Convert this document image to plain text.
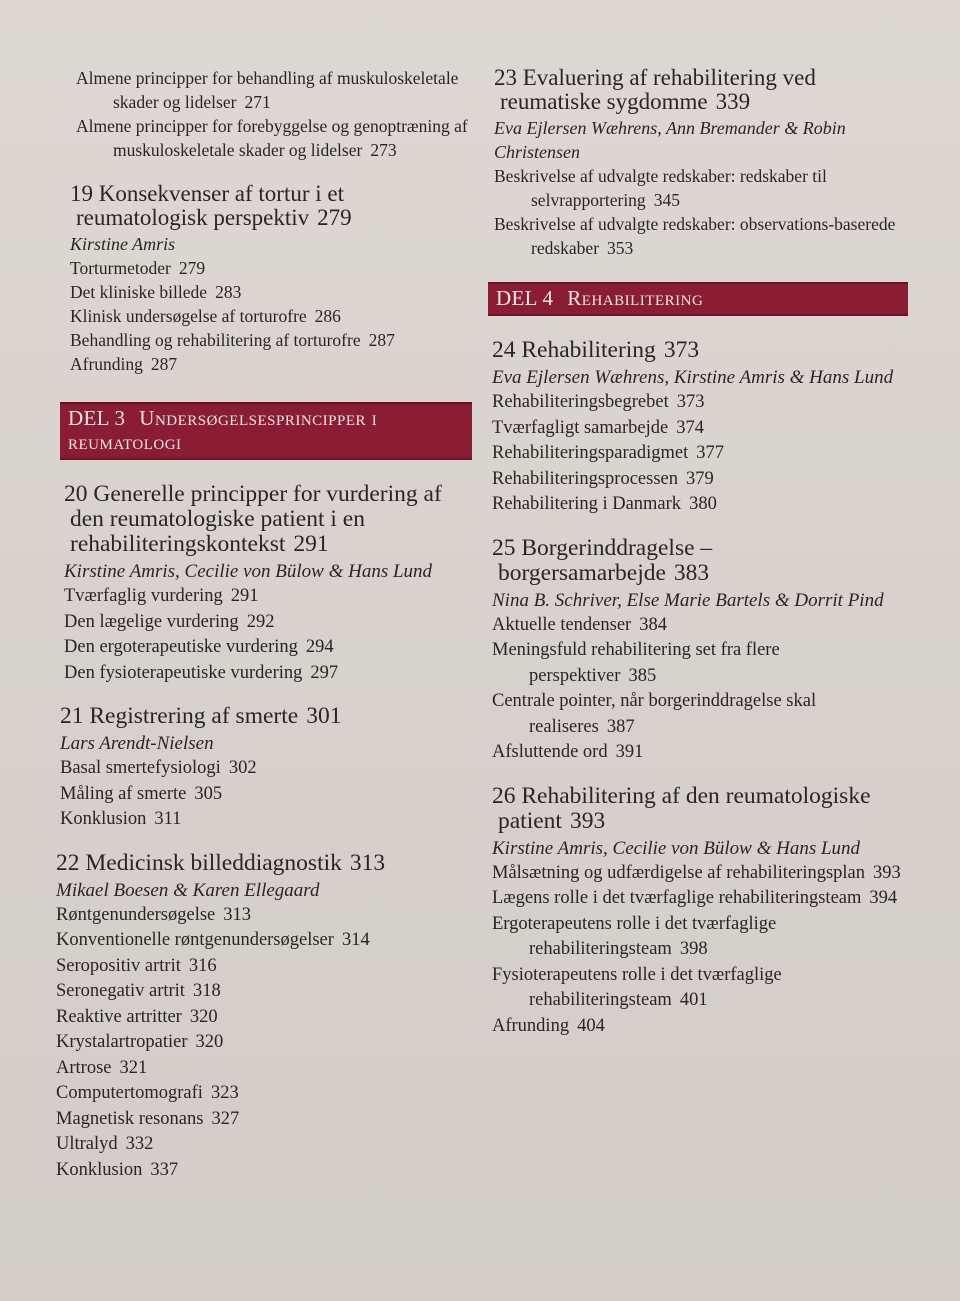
Almene principper for behandling af muskuloskeletale skader og lidelser 271
Almene principper for forebyggelse og genoptræning af muskuloskeletale skader og lidelser 273
19 Konsekvenser af tortur i et reumatologisk perspektiv 279
Kirstine Amris
Torturmetoder 279
Det kliniske billede 283
Klinisk undersøgelse af torturofre 286
Behandling og rehabilitering af torturofre 287
Afrunding 287
DEL 3 Undersøgelsesprincipper i reumatologi
20 Generelle principper for vurdering af den reumatologiske patient i en rehabiliteringskontekst 291
Kirstine Amris, Cecilie von Bülow & Hans Lund
Tværfaglig vurdering 291
Den lægelige vurdering 292
Den ergoterapeutiske vurdering 294
Den fysioterapeutiske vurdering 297
21 Registrering af smerte 301
Lars Arendt-Nielsen
Basal smertefysiologi 302
Måling af smerte 305
Konklusion 311
22 Medicinsk billeddiagnostik 313
Mikael Boesen & Karen Ellegaard
Røntgenundersøgelse 313
Konventionelle røntgenundersøgelser 314
Seropositiv artrit 316
Seronegativ artrit 318
Reaktive artritter 320
Krystalartropatier 320
Artrose 321
Computertomografi 323
Magnetisk resonans 327
Ultralyd 332
Konklusion 337
23 Evaluering af rehabilitering ved reumatiske sygdomme 339
Eva Ejlersen Wæhrens, Ann Bremander & Robin Christensen
Beskrivelse af udvalgte redskaber: redskaber til selvrapportering 345
Beskrivelse af udvalgte redskaber: observations-baserede redskaber 353
DEL 4 Rehabilitering
24 Rehabilitering 373
Eva Ejlersen Wæhrens, Kirstine Amris & Hans Lund
Rehabiliteringsbegrebet 373
Tværfagligt samarbejde 374
Rehabiliteringsparadigmet 377
Rehabiliteringsprocessen 379
Rehabilitering i Danmark 380
25 Borgerinddragelse – borgersamarbejde 383
Nina B. Schriver, Else Marie Bartels & Dorrit Pind
Aktuelle tendenser 384
Meningsfuld rehabilitering set fra flere perspektiver 385
Centrale pointer, når borgerinddragelse skal realiseres 387
Afsluttende ord 391
26 Rehabilitering af den reumatologiske patient 393
Kirstine Amris, Cecilie von Bülow & Hans Lund
Målsætning og udfærdigelse af rehabiliteringsplan 393
Lægens rolle i det tværfaglige rehabiliteringsteam 394
Ergoterapeutens rolle i det tværfaglige rehabiliteringsteam 398
Fysioterapeutens rolle i det tværfaglige rehabiliteringsteam 401
Afrunding 404
